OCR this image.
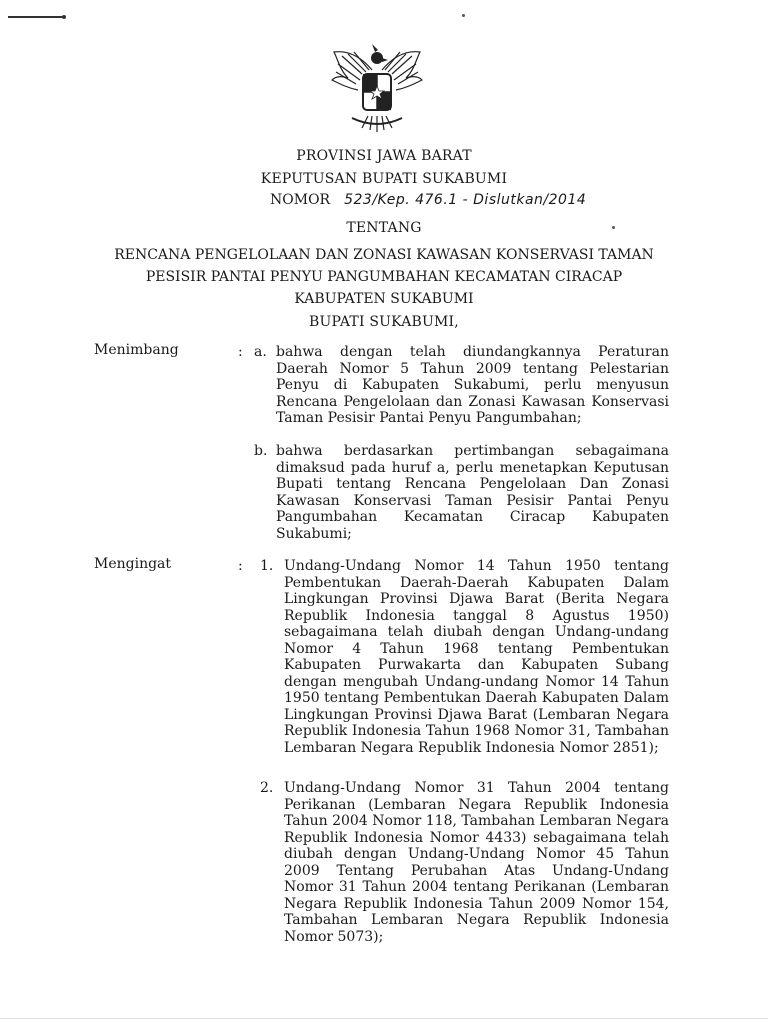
PROVINSI JAWA BARAT
KEPUTUSAN BUPATI SUKABUMI
NOMOR 523/Kep. 476.1 - Dislutkan/2014
TENTANG
RENCANA PENGELOLAAN DAN ZONASI KAWASAN KONSERVASI TAMAN
PESISIR PANTAI PENYU PANGUMBAHAN KECAMATAN CIRACAP
KABUPATEN SUKABUMI
BUPATI SUKABUMI,
Menimbang	: a. bahwa dengan telah diundangkannya Peraturan Daerah Nomor 5 Tahun 2009 tentang Pelestarian Penyu di Kabupaten Sukabumi, perlu menyusun Rencana Pengelolaan dan Zonasi Kawasan Konservasi Taman Pesisir Pantai Penyu Pangumbahan;
b. bahwa berdasarkan pertimbangan sebagaimana dimaksud pada huruf a, perlu menetapkan Keputusan Bupati tentang Rencana Pengelolaan Dan Zonasi Kawasan Konservasi Taman Pesisir Pantai Penyu Pangumbahan Kecamatan Ciracap Kabupaten Sukabumi;
Mengingat	: 1. Undang-Undang Nomor 14 Tahun 1950 tentang Pembentukan Daerah-Daerah Kabupaten Dalam Lingkungan Provinsi Djawa Barat (Berita Negara Republik Indonesia tanggal 8 Agustus 1950) sebagaimana telah diubah dengan Undang-undang Nomor 4 Tahun 1968 tentang Pembentukan Kabupaten Purwakarta dan Kabupaten Subang dengan mengubah Undang-undang Nomor 14 Tahun 1950 tentang Pembentukan Daerah Kabupaten Dalam Lingkungan Provinsi Djawa Barat (Lembaran Negara Republik Indonesia Tahun 1968 Nomor 31, Tambahan Lembaran Negara Republik Indonesia Nomor 2851);
2. Undang-Undang Nomor 31 Tahun 2004 tentang Perikanan (Lembaran Negara Republik Indonesia Tahun 2004 Nomor 118, Tambahan Lembaran Negara Republik Indonesia Nomor 4433) sebagaimana telah diubah dengan Undang-Undang Nomor 45 Tahun 2009 Tentang Perubahan Atas Undang-Undang Nomor 31 Tahun 2004 tentang Perikanan (Lembaran Negara Republik Indonesia Tahun 2009 Nomor 154, Tambahan Lembaran Negara Republik Indonesia Nomor 5073);
